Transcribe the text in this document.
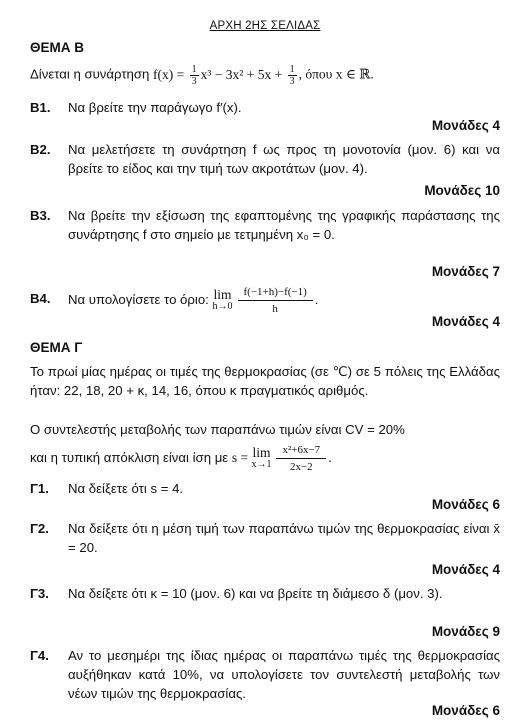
ΑΡΧΗ 2ΗΣ ΣΕΛΙΔΑΣ
ΘΕΜΑ Β
Δίνεται η συνάρτηση $f(x) = \frac{1}{3} x^3 - 3x^2 + 5x + \frac{1}{3}$ , όπου x ∈ ℝ.
Β1. Να βρείτε την παράγωγο f′(x).
Μονάδες 4
Β2. Να μελετήσετε τη συνάρτηση f ως προς τη μονοτονία (μον. 6) και να βρείτε το είδος και την τιμή των ακροτάτων (μον. 4).
Μονάδες 10
Β3. Να βρείτε την εξίσωση της εφαπτομένης της γραφικής παράστασης της συνάρτησης f στο σημείο με τετμημένη x₀ = 0.
Μονάδες 7
Β4. Να υπολογίσετε το όριο: lim
$h\to 0 \frac{f(-1+h)-f(-1)}{h}$ .
Μονάδες 4
ΘΕΜΑ Γ
Το πρωί μίας ημέρας οι τιμές της θερμοκρασίας (σε ℃) σε 5 πόλεις της Ελλάδας ήταν: 22, 18, 20 + κ, 14, 16, όπου κ πραγματικός αριθμός.
Ο συντελεστής μεταβολής των παραπάνω τιμών είναι CV = 20%
και η τυπική απόκλιση είναι ίση με s = lim
$x\to 1 \frac{\text{x²+6x−7}}{2x-2}$ .
Γ1. Να δείξετε ότι s = 4.
Μονάδες 6
Γ2. Να δείξετε ότι η μέση τιμή των παραπάνω τιμών της θερμοκρασίας είναι x̄ = 20.
Μονάδες 4
Γ3. Να δείξετε ότι κ = 10 (μον. 6) και να βρείτε τη διάμεσο δ (μον. 3).
Μονάδες 9
Γ4. Αν το μεσημέρι της ίδιας ημέρας οι παραπάνω τιμές της θερμοκρασίας αυξήθηκαν κατά 10%, να υπολογίσετε τον συντελεστή μεταβολής των νέων τιμών της θερμοκρασίας.
Μονάδες 6
